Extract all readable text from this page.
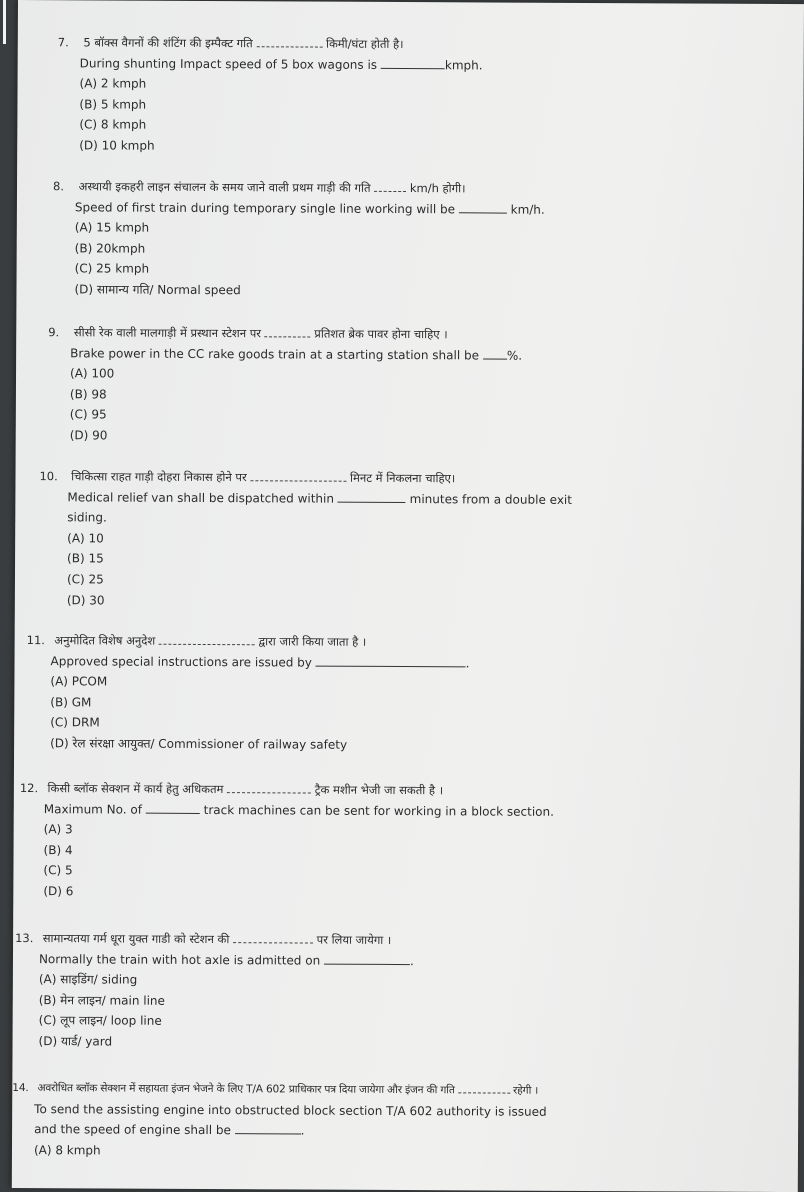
7. 5 बॉक्स वैगनों की शंटिंग की इम्पैक्ट गति	किमी/घंटा होती है।
During shunting Impact speed of 5 box wagons is	kmph.
(A) 2 kmph
(B) 5 kmph
(C) 8 kmph
(D) 10 kmph
8. अस्थायी इकहरी लाइन संचालन के समय जाने वाली प्रथम गाड़ी की गति	km/h होगी।
Speed of first train during temporary single line working will be	km/h.
(A) 15 kmph
(B) 20kmph
(C) 25 kmph
(D) सामान्य गति/ Normal speed
9. सीसी रेक वाली मालगाड़ी में प्रस्थान स्टेशन पर	प्रतिशत ब्रेक पावर होना चाहिए ।
Brake power in the CC rake goods train at a starting station shall be %.
(A) 100
(B) 98
(C) 95
(D) 90
10. चिकित्सा राहत गाड़ी दोहरा निकास होने पर	मिनट में निकलना चाहिए।
Medical relief van shall be dispatched within	minutes from a double exit
siding.
(A) 10
(B) 15
(C) 25
(D) 30
11. अनुमोदित विशेष अनुदेश	द्वारा जारी किया जाता है ।
Approved special instructions are issued by	.
(A) PCOM
(B) GM
(C) DRM
(D) रेल संरक्षा आयुक्त/ Commissioner of railway safety
12. किसी ब्लॉक सेक्शन में कार्य हेतु अधिकतम	ट्रैक मशीन भेजी जा सकती है ।
Maximum No. of	track machines can be sent for working in a block section.
(A) 3
(B) 4
(C) 5
(D) 6
13. सामान्यतया गर्म धूरा युक्त गाडी को स्टेशन की	पर लिया जायेगा ।
Normally the train with hot axle is admitted on	.
(A) साइडिंग/ siding
(B) मेन लाइन/ main line
(C) लूप लाइन/ loop line
(D) यार्ड/ yard
14. अवरोधित ब्लॉक सेक्शन में सहायता इंजन भेजने के लिए T/A 602 प्राधिकार पत्र दिया जायेगा और इंजन की गति	रहेगी ।
To send the assisting engine into obstructed block section T/A 602 authority is issued
and the speed of engine shall be	.
(A) 8 kmph
